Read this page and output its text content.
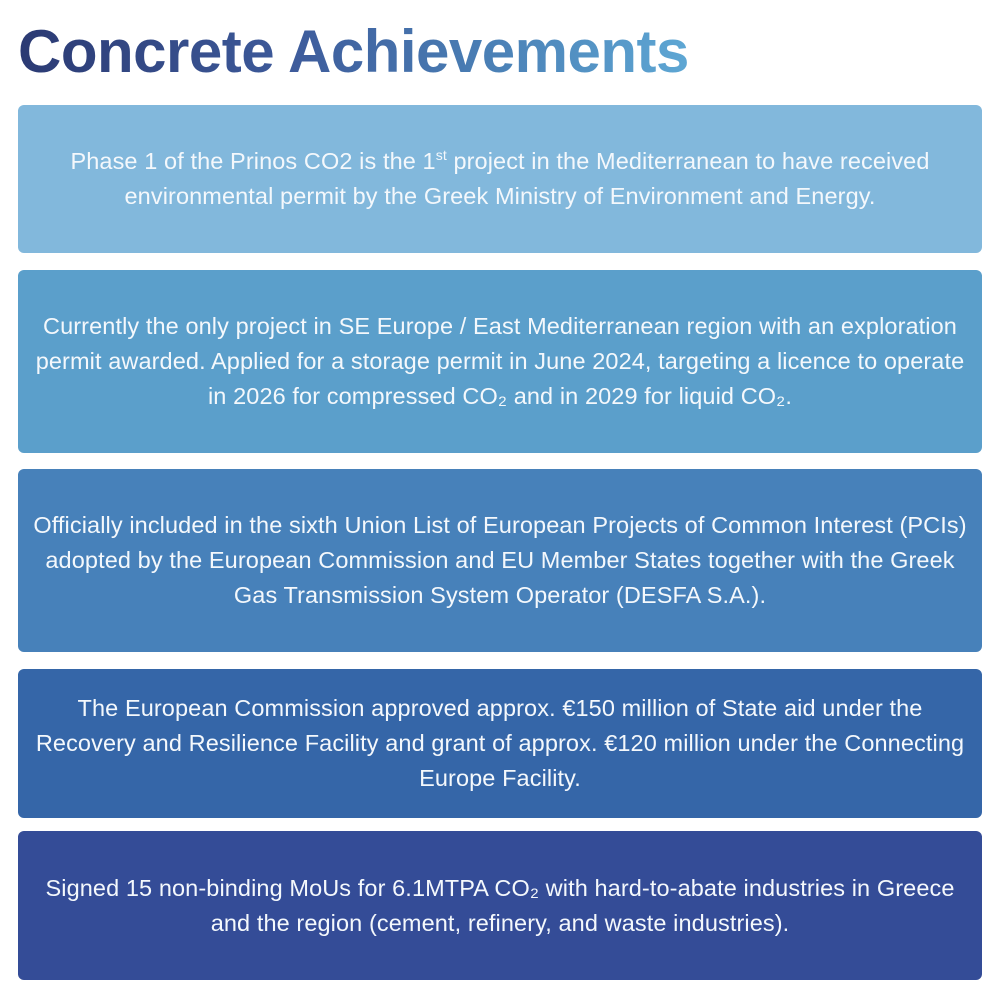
Concrete Achievements

Phase 1 of the Prinos CO2 is the 1st project in the Mediterranean to have received environmental permit by the Greek Ministry of Environment and Energy.

Currently the only project in SE Europe / East Mediterranean region with an exploration permit awarded. Applied for a storage permit in June 2024, targeting a licence to operate in 2026 for compressed CO₂ and in 2029 for liquid CO₂.

Officially included in the sixth Union List of European Projects of Common Interest (PCIs) adopted by the European Commission and EU Member States together with the Greek Gas Transmission System Operator (DESFA S.A.).

The European Commission approved approx. €150 million of State aid under the Recovery and Resilience Facility and grant of approx. €120 million under the Connecting Europe Facility.

Signed 15 non-binding MoUs for 6.1MTPA CO₂ with hard-to-abate industries in Greece and the region (cement, refinery, and waste industries).
